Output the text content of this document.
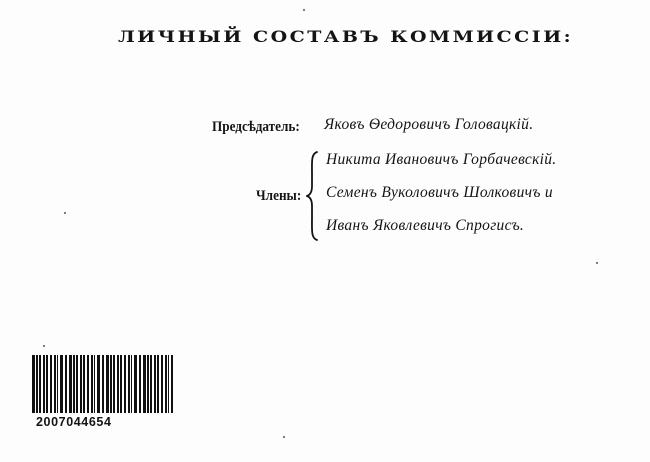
ЛИЧНЫЙ СОСТАВЪ КОММИССІИ:
Предсѣдатель: Яковъ Ѳедоровичъ Головацкій.
Члены:
Никита Ивановичъ Горбачевскій.
Семенъ Вуколовичъ Шолковичъ и
Иванъ Яковлевичъ Спрогисъ.
2007044654
